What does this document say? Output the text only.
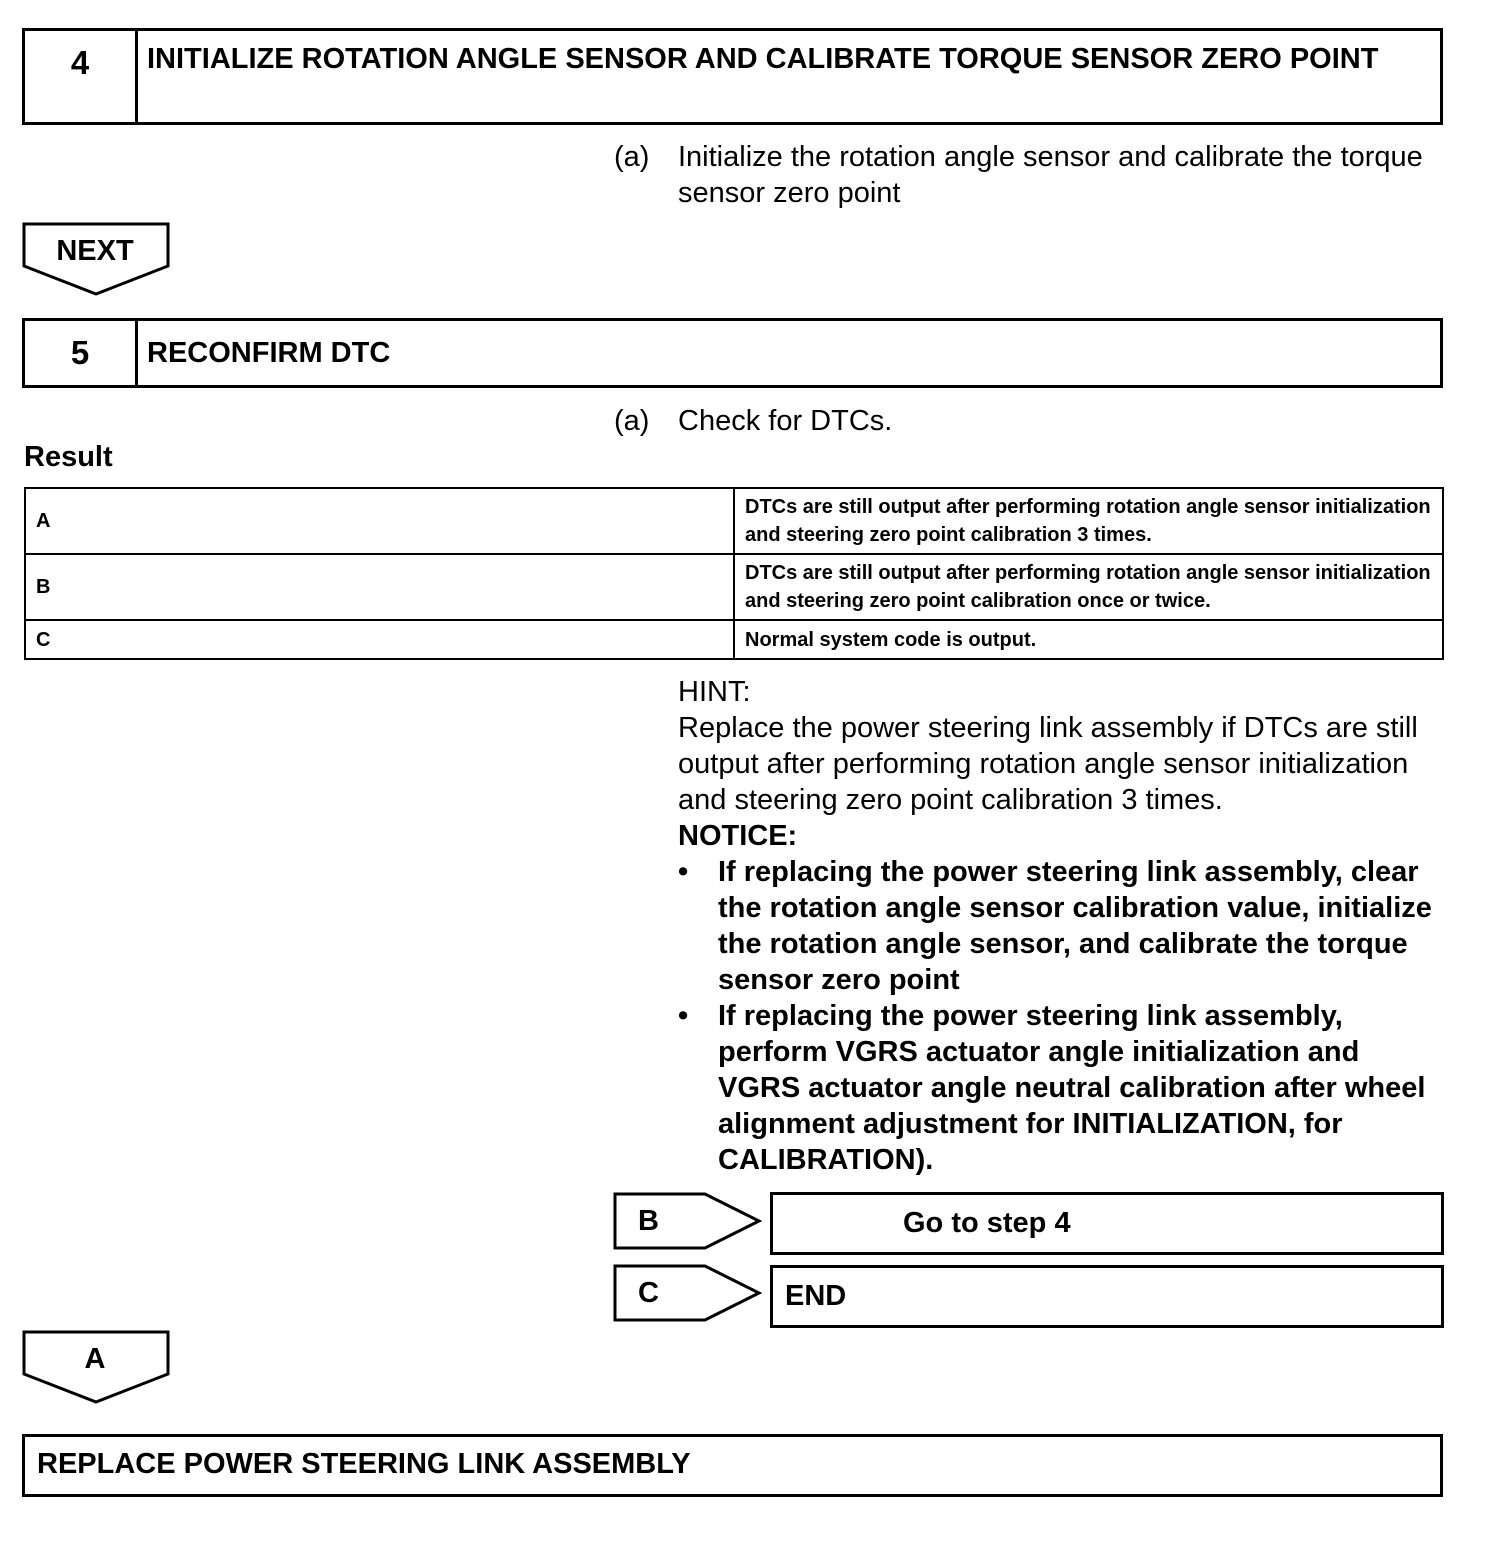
4	INITIALIZE ROTATION ANGLE SENSOR AND CALIBRATE TORQUE SENSOR ZERO POINT
(a) Initialize the rotation angle sensor and calibrate the torque sensor zero point
NEXT
5	RECONFIRM DTC
(a) Check for DTCs.
Result
A	DTCs are still output after performing rotation angle sensor initialization and steering zero point calibration 3 times.
B	DTCs are still output after performing rotation angle sensor initialization and steering zero point calibration once or twice.
C	Normal system code is output.
HINT:
Replace the power steering link assembly if DTCs are still output after performing rotation angle sensor initialization and steering zero point calibration 3 times.
NOTICE:
• If replacing the power steering link assembly, clear the rotation angle sensor calibration value, initialize the rotation angle sensor, and calibrate the torque sensor zero point
• If replacing the power steering link assembly, perform VGRS actuator angle initialization and VGRS actuator angle neutral calibration after wheel alignment adjustment for INITIALIZATION, for CALIBRATION).
B	Go to step 4
C	END
A
REPLACE POWER STEERING LINK ASSEMBLY
